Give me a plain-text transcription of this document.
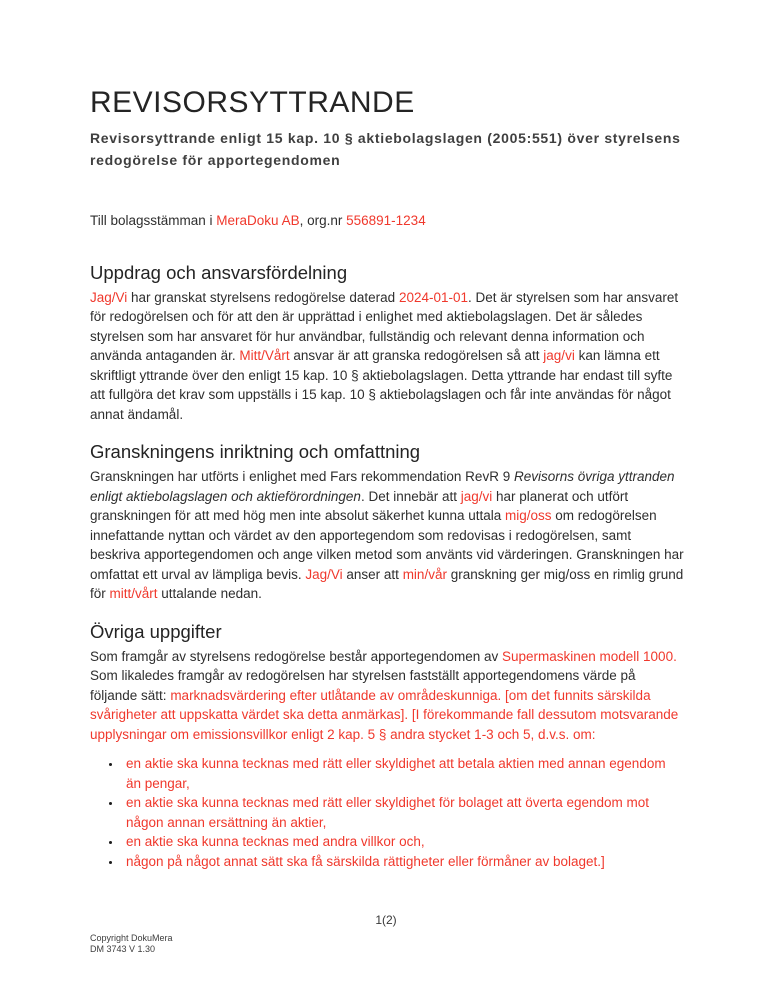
REVISORSYTTRANDE

Revisorsyttrande enligt 15 kap. 10 § aktiebolagslagen (2005:551) över styrelsens redogörelse för apportegendomen

Till bolagsstämman i MeraDoku AB, org.nr 556891-1234

Uppdrag och ansvarsfördelning

Jag/Vi har granskat styrelsens redogörelse daterad 2024-01-01. Det är styrelsen som har ansvaret för redogörelsen och för att den är upprättad i enlighet med aktiebolagslagen. Det är således styrelsen som har ansvaret för hur användbar, fullständig och relevant denna information och använda antaganden är. Mitt/Vårt ansvar är att granska redogörelsen så att jag/vi kan lämna ett skriftligt yttrande över den enligt 15 kap. 10 § aktiebolagslagen. Detta yttrande har endast till syfte att fullgöra det krav som uppställs i 15 kap. 10 § aktiebolagslagen och får inte användas för något annat ändamål.

Granskningens inriktning och omfattning

Granskningen har utförts i enlighet med Fars rekommendation RevR 9 Revisorns övriga yttranden enligt aktiebolagslagen och aktieförordningen. Det innebär att jag/vi har planerat och utfört granskningen för att med hög men inte absolut säkerhet kunna uttala mig/oss om redogörelsen innefattande nyttan och värdet av den apportegendom som redovisas i redogörelsen, samt beskriva apportegendomen och ange vilken metod som använts vid värderingen. Granskningen har omfattat ett urval av lämpliga bevis. Jag/Vi anser att min/vår granskning ger mig/oss en rimlig grund för mitt/vårt uttalande nedan.

Övriga uppgifter

Som framgår av styrelsens redogörelse består apportegendomen av Supermaskinen modell 1000. Som likaledes framgår av redogörelsen har styrelsen fastställt apportegendomens värde på följande sätt: marknadsvärdering efter utlåtande av områdeskunniga. [om det funnits särskilda svårigheter att uppskatta värdet ska detta anmärkas]. [I förekommande fall dessutom motsvarande upplysningar om emissionsvillkor enligt 2 kap. 5 § andra stycket 1-3 och 5, d.v.s. om:

• en aktie ska kunna tecknas med rätt eller skyldighet att betala aktien med annan egendom än pengar,
• en aktie ska kunna tecknas med rätt eller skyldighet för bolaget att överta egendom mot någon annan ersättning än aktier,
• en aktie ska kunna tecknas med andra villkor och,
• någon på något annat sätt ska få särskilda rättigheter eller förmåner av bolaget.]
1(2)
Copyright DokuMera
DM 3743 V 1.30
